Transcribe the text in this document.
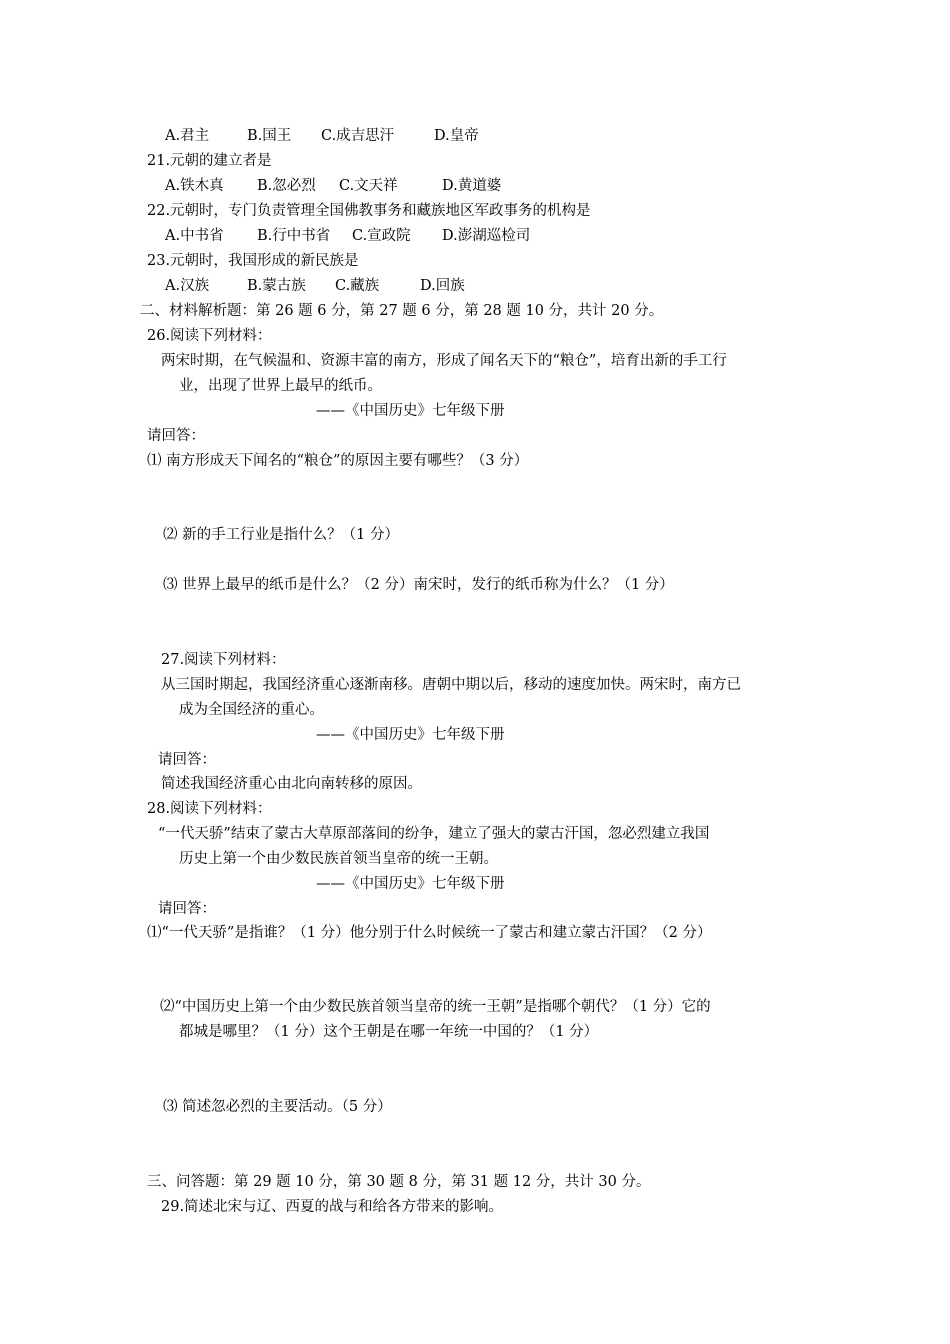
A.君主	B.国王 C.成吉思汗	D.皇帝
21.元朝的建立者是
A.铁木真 B.忽必烈 C.文天祥	D.黄道婆
22.元朝时，专门负责管理全国佛教事务和藏族地区军政事务的机构是
A.中书省 B.行中书省 C.宣政院 D.澎湖巡检司
23.元朝时，我国形成的新民族是
A.汉族	B.蒙古族 C.藏族	D.回族
二、材料解析题：第 26 题 6 分，第 27 题 6 分，第 28 题 10 分，共计 20 分。
26.阅读下列材料：
两宋时期，在气候温和、资源丰富的南方，形成了闻名天下的“粮仓”，培育出新的手工行
业，出现了世界上最早的纸币。
——《中国历史》七年级下册
请回答：
⑴ 南方形成天下闻名的“粮仓”的原因主要有哪些？（3 分）
⑵ 新的手工行业是指什么？（1 分）
⑶ 世界上最早的纸币是什么？（2 分）南宋时，发行的纸币称为什么？（1 分）
27.阅读下列材料：
从三国时期起，我国经济重心逐渐南移。唐朝中期以后，移动的速度加快。两宋时，南方已
成为全国经济的重心。
——《中国历史》七年级下册
请回答：
简述我国经济重心由北向南转移的原因。
28.阅读下列材料：
“一代天骄”结束了蒙古大草原部落间的纷争，建立了强大的蒙古汗国，忽必烈建立我国
历史上第一个由少数民族首领当皇帝的统一王朝。
——《中国历史》七年级下册
请回答：
⑴“一代天骄”是指谁？（1 分）他分别于什么时候统一了蒙古和建立蒙古汗国？（2 分）
⑵“中国历史上第一个由少数民族首领当皇帝的统一王朝”是指哪个朝代？（1 分）它的
都城是哪里？（1 分）这个王朝是在哪一年统一中国的？（1 分）
⑶ 简述忽必烈的主要活动。（5 分）
三、问答题：第 29 题 10 分，第 30 题 8 分，第 31 题 12 分，共计 30 分。
29.简述北宋与辽、西夏的战与和给各方带来的影响。
